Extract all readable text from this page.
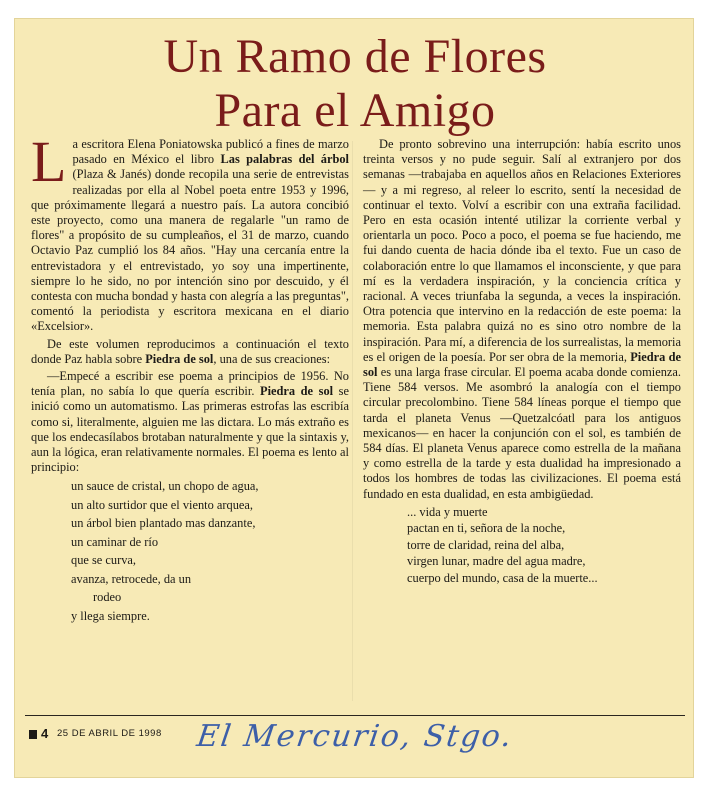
Un Ramo de Flores
Para el Amigo

La escritora Elena Poniatowska publicó a fines de marzo pasado en México el libro Las palabras del árbol (Plaza & Janés) donde recopila una serie de entrevistas realizadas por ella al Nobel poeta entre 1953 y 1996, que próximamente llegará a nuestro país. La autora concibió este proyecto, como una manera de regalarle "un ramo de flores" a propósito de su cumpleaños, el 31 de marzo, cuando Octavio Paz cumplió los 84 años. "Hay una cercanía entre la entrevistadora y el entrevistado, yo soy una impertinente, siempre lo he sido, no por intención sino por descuido, y él contesta con mucha bondad y hasta con alegría a las preguntas", comentó la periodista y escritora mexicana en el diario «Excelsior».

De este volumen reproducimos a continuación el texto donde Paz habla sobre Piedra de sol, una de sus creaciones:

—Empecé a escribir ese poema a principios de 1956. No tenía plan, no sabía lo que quería escribir. Piedra de sol se inició como un automatismo. Las primeras estrofas las escribía como si, literalmente, alguien me las dictara. Lo más extraño es que los endecasílabos brotaban naturalmente y que la sintaxis y, aun la lógica, eran relativamente normales. El poema es lento al principio:

un sauce de cristal, un chopo de agua,
un alto surtidor que el viento arquea,
un árbol bien plantado mas danzante,
un caminar de río
que se curva,
avanza, retrocede, da un
rodeo
y llega siempre.

De pronto sobrevino una interrupción: había escrito unos treinta versos y no pude seguir. Salí al extranjero por dos semanas —trabajaba en aquellos años en Relaciones Exteriores— y a mi regreso, al releer lo escrito, sentí la necesidad de continuar el texto. Volví a escribir con una extraña facilidad. Pero en esta ocasión intenté utilizar la corriente verbal y orientarla un poco. Poco a poco, el poema se fue haciendo, me fui dando cuenta de hacia dónde iba el texto. Fue un caso de colaboración entre lo que llamamos el inconsciente, y que para mí es la verdadera inspiración, y la conciencia crítica y racional. A veces triunfaba la segunda, a veces la inspiración. Otra potencia que intervino en la redacción de este poema: la memoria. Esta palabra quizá no es sino otro nombre de la inspiración. Para mí, a diferencia de los surrealistas, la memoria es el origen de la poesía. Por ser obra de la memoria, Piedra de sol es una larga frase circular. El poema acaba donde comienza. Tiene 584 versos. Me asombró la analogía con el tiempo circular precolombino. Tiene 584 líneas porque el tiempo que tarda el planeta Venus —Quetzalcóatl para los antiguos mexicanos— en hacer la conjunción con el sol, es también de 584 días. El planeta Venus aparece como estrella de la mañana y como estrella de la tarde y esta dualidad ha impresionado a todos los hombres de todas las civilizaciones. El poema está fundado en esta dualidad, en esta ambigüedad.

... vida y muerte
pactan en ti, señora de la noche,
torre de claridad, reina del alba,
virgen lunar, madre del agua madre,
cuerpo del mundo, casa de la muerte...
4 25 DE ABRIL DE 1998	El Mercurio, Stgo.
